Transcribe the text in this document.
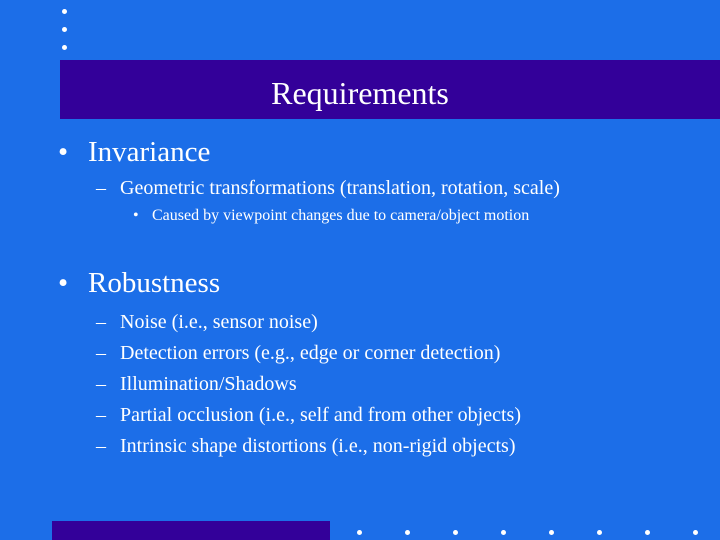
Requirements
• Invariance
– Geometric transformations (translation, rotation, scale)
• Caused by viewpoint changes due to camera/object motion
• Robustness
– Noise (i.e., sensor noise)
– Detection errors (e.g., edge or corner detection)
– Illumination/Shadows
– Partial occlusion (i.e., self and from other objects)
– Intrinsic shape distortions (i.e., non-rigid objects)
